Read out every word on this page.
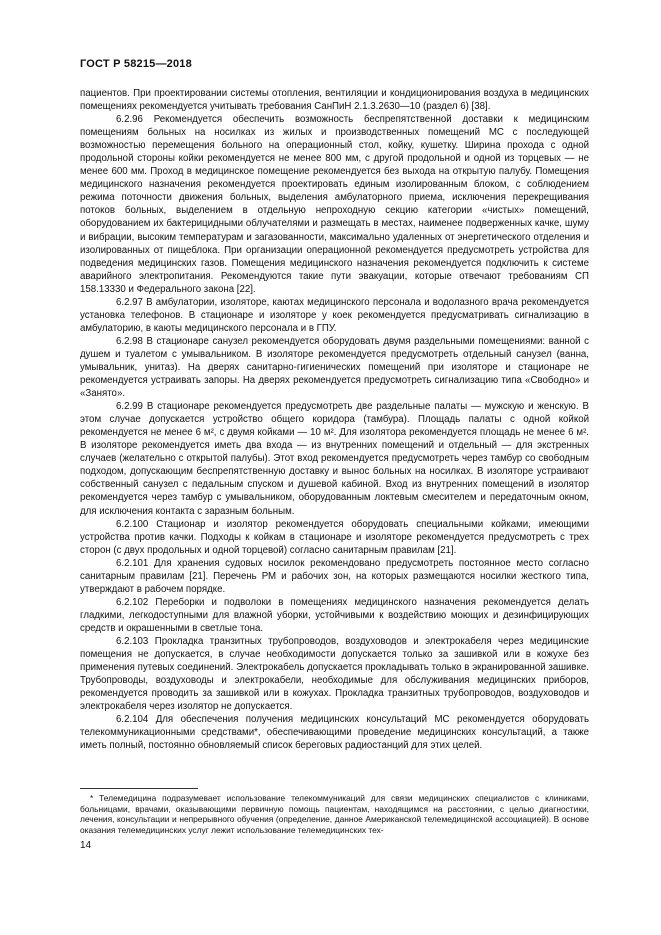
ГОСТ Р 58215—2018

пациентов. При проектировании системы отопления, вентиляции и кондиционирования воздуха в медицинских помещениях рекомендуется учитывать требования СанПиН 2.1.3.2630—10 (раздел 6) [38].

6.2.96 Рекомендуется обеспечить возможность беспрепятственной доставки к медицинским помещениям больных на носилках из жилых и производственных помещений МС с последующей возможностью перемещения больного на операционный стол, койку, кушетку. Ширина прохода с одной продольной стороны койки рекомендуется не менее 800 мм, с другой продольной и одной из торцевых — не менее 600 мм. Проход в медицинское помещение рекомендуется без выхода на открытую палубу. Помещения медицинского назначения рекомендуется проектировать единым изолированным блоком, с соблюдением режима поточности движения больных, выделения амбулаторного приема, исключения перекрещивания потоков больных, выделением в отдельную непроходную секцию категории «чистых» помещений, оборудованием их бактерицидными облучателями и размещать в местах, наименее подверженных качке, шуму и вибрации, высоким температурам и загазованности, максимально удаленных от энергетического отделения и изолированных от пищеблока. При организации операционной рекомендуется предусмотреть устройства для подведения медицинских газов. Помещения медицинского назначения рекомендуется подключить к системе аварийного электропитания. Рекомендуются такие пути эвакуации, которые отвечают требованиям СП 158.13330 и Федерального закона [22].

6.2.97 В амбулатории, изоляторе, каютах медицинского персонала и водолазного врача рекомендуется установка телефонов. В стационаре и изоляторе у коек рекомендуется предусматривать сигнализацию в амбулаторию, в каюты медицинского персонала и в ГПУ.

6.2.98 В стационаре санузел рекомендуется оборудовать двумя раздельными помещениями: ванной с душем и туалетом с умывальником. В изоляторе рекомендуется предусмотреть отдельный санузел (ванна, умывальник, унитаз). На дверях санитарно-гигиенических помещений при изоляторе и стационаре не рекомендуется устраивать запоры. На дверях рекомендуется предусмотреть сигнализацию типа «Свободно» и «Занято».

6.2.99 В стационаре рекомендуется предусмотреть две раздельные палаты — мужскую и женскую. В этом случае допускается устройство общего коридора (тамбура). Площадь палаты с одной койкой рекомендуется не менее 6 м², с двумя койками — 10 м². Для изолятора рекомендуется площадь не менее 6 м². В изоляторе рекомендуется иметь два входа — из внутренних помещений и отдельный — для экстренных случаев (желательно с открытой палубы). Этот вход рекомендуется предусмотреть через тамбур со свободным подходом, допускающим беспрепятственную доставку и вынос больных на носилках. В изоляторе устраивают собственный санузел с педальным спуском и душевой кабиной. Вход из внутренних помещений в изолятор рекомендуется через тамбур с умывальником, оборудованным локтевым смесителем и передаточным окном, для исключения контакта с заразным больным.

6.2.100 Стационар и изолятор рекомендуется оборудовать специальными койками, имеющими устройства против качки. Подходы к койкам в стационаре и изоляторе рекомендуется предусмотреть с трех сторон (с двух продольных и одной торцевой) согласно санитарным правилам [21].

6.2.101 Для хранения судовых носилок рекомендовано предусмотреть постоянное место согласно санитарным правилам [21]. Перечень РМ и рабочих зон, на которых размещаются носилки жесткого типа, утверждают в рабочем порядке.

6.2.102 Переборки и подволоки в помещениях медицинского назначения рекомендуется делать гладкими, легкодоступными для влажной уборки, устойчивыми к воздействию моющих и дезинфицирующих средств и окрашенными в светлые тона.

6.2.103 Прокладка транзитных трубопроводов, воздуховодов и электрокабеля через медицинские помещения не допускается, в случае необходимости допускается только за зашивкой или в кожухе без применения путевых соединений. Электрокабель допускается прокладывать только в экранированной зашивке. Трубопроводы, воздуховоды и электрокабели, необходимые для обслуживания медицинских приборов, рекомендуется проводить за зашивкой или в кожухах. Прокладка транзитных трубопроводов, воздуховодов и электрокабеля через изолятор не допускается.

6.2.104 Для обеспечения получения медицинских консультаций МС рекомендуется оборудовать телекоммуникационными средствами*, обеспечивающими проведение медицинских консультаций, а также иметь полный, постоянно обновляемый список береговых радиостанций для этих целей.

* Телемедицина подразумевает использование телекоммуникаций для связи медицинских специалистов с клиниками, больницами, врачами, оказывающими первичную помощь пациентам, находящимся на расстоянии, с целью диагностики, лечения, консультации и непрерывного обучения (определение, данное Американской телемедицинской ассоциацией). В основе оказания телемедицинских услуг лежит использование телемедицинских тех-

14
